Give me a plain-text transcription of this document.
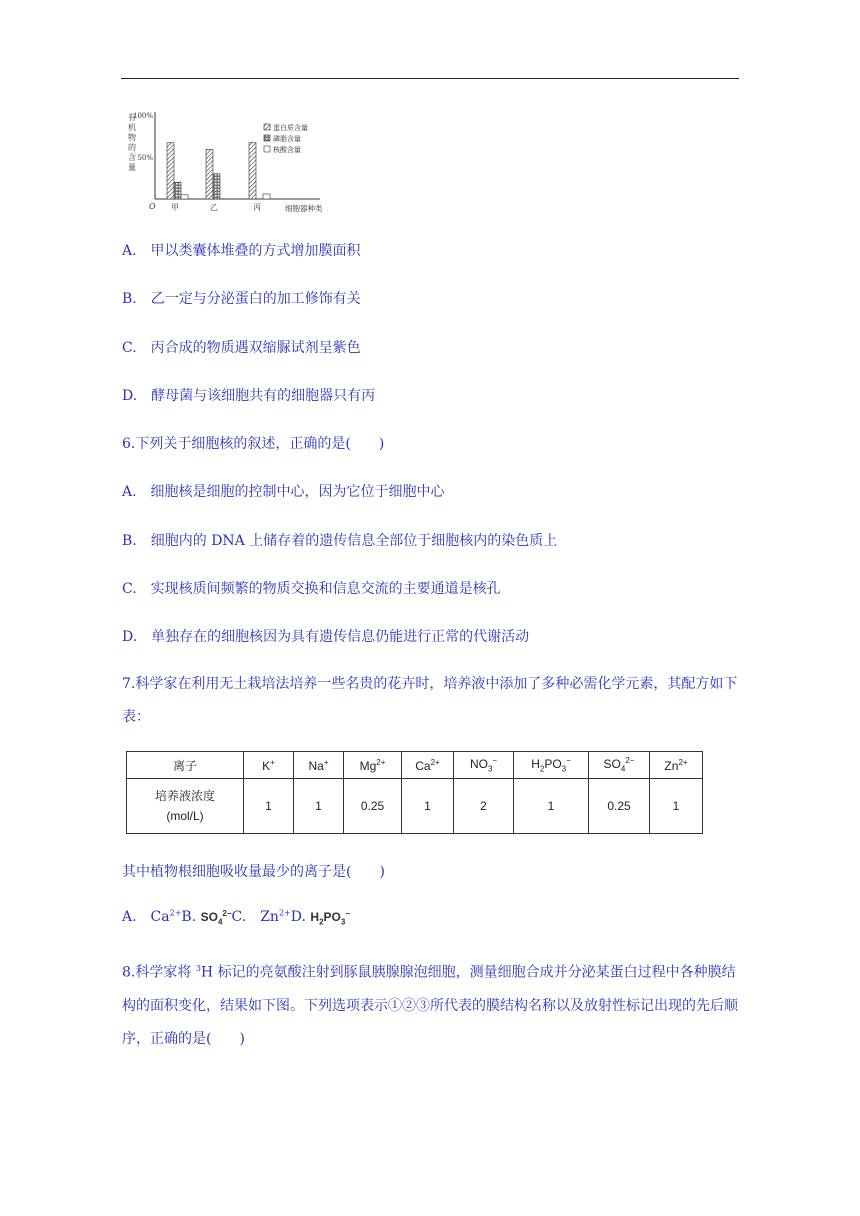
有
机
物
的
含
量
100%
50%
O	细胞器种类
甲	乙	丙
蛋白质含量
磷脂含量
核酸含量
A.　甲以类囊体堆叠的方式增加膜面积
B.　乙一定与分泌蛋白的加工修饰有关
C.　丙合成的物质遇双缩脲试剂呈紫色
D.　酵母菌与该细胞共有的细胞器只有丙
6.下列关于细胞核的叙述，正确的是(　　)
A.　细胞核是细胞的控制中心，因为它位于细胞中心
B.　细胞内的 DNA 上储存着的遗传信息全部位于细胞核内的染色质上
C.　实现核质间频繁的物质交换和信息交流的主要通道是核孔
D.　单独存在的细胞核因为具有遗传信息仍能进行正常的代谢活动
7.科学家在利用无土栽培法培养一些名贵的花卉时，培养液中添加了多种必需化学元素，其配方如下表：
离子	K+	Na+	$Mg^{2+}$	$Ca^{2+}$	$NO_3^-$	$H_2PO_3^-$	$SO_4^{2-}$	$Zn^{2+}$

培养液浓度
(mol/L)	1	1	0.25	1	2	1	0.25	1
其中植物根细胞吸收量最少的离子是(　　)
A.　$Ca^{2+}B$. $SO_4^{2-}C$.　$Zn^{2+}D$. $H_2PO_3^-$
8.科学家将 $^3$H 标记的亮氨酸注射到豚鼠胰腺腺泡细胞，测量细胞合成并分泌某蛋白过程中各种膜结构的面积变化，结果如下图。下列选项表示①②③所代表的膜结构名称以及放射性标记出现的先后顺序，正确的是(　　)
